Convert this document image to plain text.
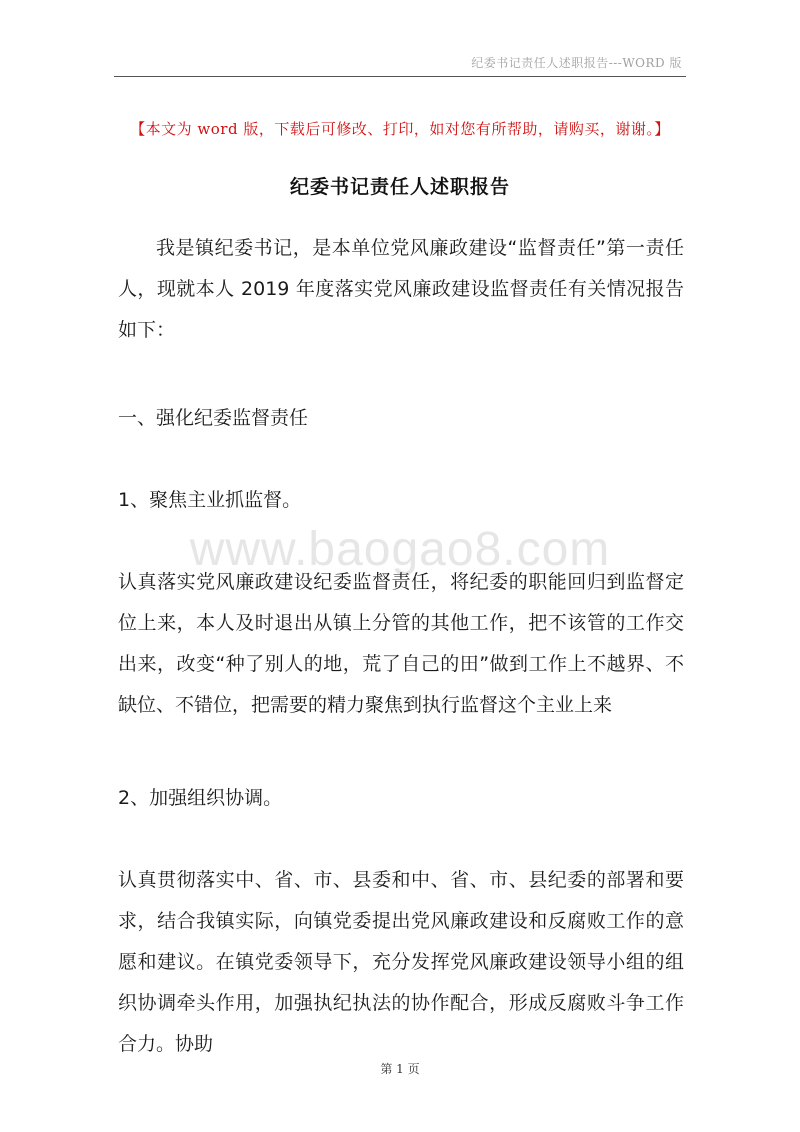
纪委书记责任人述职报告---WORD 版
【本文为 word 版，下载后可修改、打印，如对您有所帮助，请购买，谢谢。】
纪委书记责任人述职报告

我是镇纪委书记，是本单位党风廉政建设“监督责任”第一责任人，现就本人 2019 年度落实党风廉政建设监督责任有关情况报告如下：

一、强化纪委监督责任
1、聚焦主业抓监督。
www.baogao8.com

认真落实党风廉政建设纪委监督责任，将纪委的职能回归到监督定位上来，本人及时退出从镇上分管的其他工作，把不该管的工作交出来，改变“种了别人的地，荒了自己的田”做到工作上不越界、不缺位、不错位，把需要的精力聚焦到执行监督这个主业上来

2、加强组织协调。

认真贯彻落实中、省、市、县委和中、省、市、县纪委的部署和要求，结合我镇实际，向镇党委提出党风廉政建设和反腐败工作的意愿和建议。在镇党委领导下，充分发挥党风廉政建设领导小组的组织协调牵头作用，加强执纪执法的协作配合，形成反腐败斗争工作合力。协助

第 1 页
